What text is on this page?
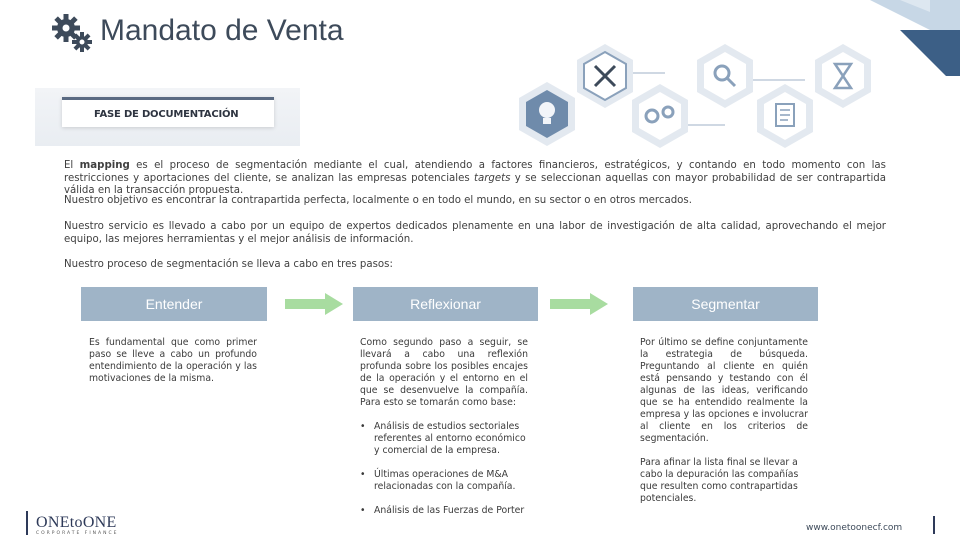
Mandato de Venta
FASE DE DOCUMENTACIÓN
El mapping es el proceso de segmentación mediante el cual, atendiendo a factores financieros, estratégicos, y contando en todo momento con las restricciones y aportaciones del cliente, se analizan las empresas potenciales targets y se seleccionan aquellas con mayor probabilidad de ser contrapartida válida en la transacción propuesta.
Nuestro objetivo es encontrar la contrapartida perfecta, localmente o en todo el mundo, en su sector o en otros mercados.
Nuestro servicio es llevado a cabo por un equipo de expertos dedicados plenamente en una labor de investigación de alta calidad, aprovechando el mejor equipo, las mejores herramientas y el mejor análisis de información.
Nuestro proceso de segmentación se lleva a cabo en tres pasos:
Entender	Reflexionar	Segmentar
Es fundamental que como primer paso se lleve a cabo un profundo entendimiento de la operación y las motivaciones de la misma.
Como segundo paso a seguir, se llevará a cabo una reflexión profunda sobre los posibles encajes de la operación y el entorno en el que se desenvuelve la compañía. Para esto se tomarán como base:
• Análisis de estudios sectoriales referentes al entorno económico y comercial de la empresa.
• Últimas operaciones de M&A relacionadas con la compañía.
• Análisis de las Fuerzas de Porter
Por último se define conjuntamente la estrategia de búsqueda. Preguntando al cliente en quién está pensando y testando con él algunas de las ideas, verificando que se ha entendido realmente la empresa y las opciones e involucrar al cliente en los criterios de segmentación.
Para afinar la lista final se llevar a cabo la depuración las compañías que resulten como contrapartidas potenciales.
ONEtoONE
CORPORATE FINANCE
www.onetoonecf.com
